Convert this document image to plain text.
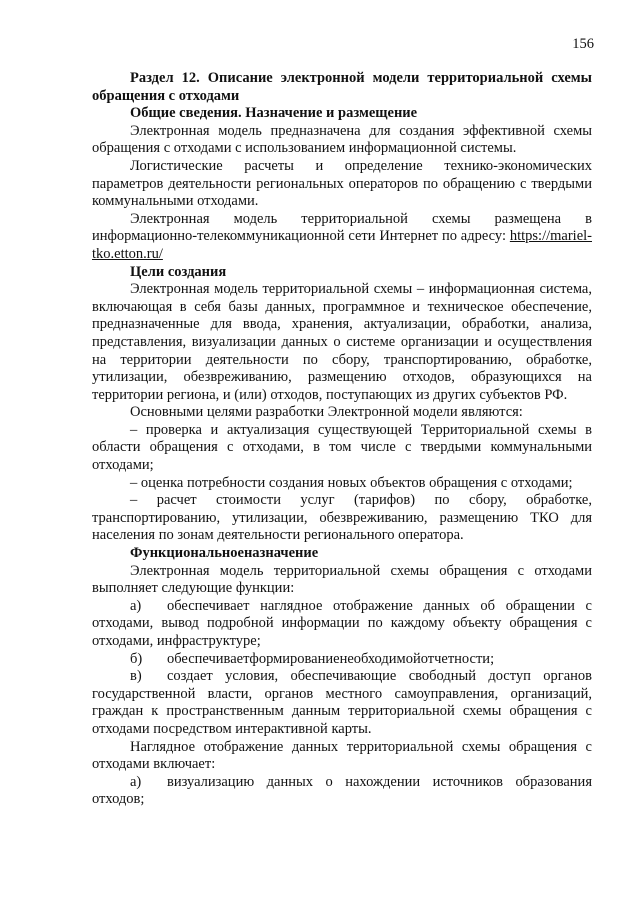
156

Раздел 12. Описание электронной модели территориальной схемы обращения с отходами

Общие сведения. Назначение и размещение

Электронная модель предназначена для создания эффективной схемы обращения с отходами с использованием информационной системы.

Логистические расчеты и определение технико-экономических параметров деятельности региональных операторов по обращению с твердыми коммунальными отходами.

Электронная модель территориальной схемы размещена в информационно-телекоммуникационной сети Интернет по адресу: https://mariel-tko.etton.ru/

Цели создания

Электронная модель территориальной схемы – информационная система, включающая в себя базы данных, программное и техническое обеспечение, предназначенные для ввода, хранения, актуализации, обработки, анализа, представления, визуализации данных о системе организации и осуществления на территории деятельности по сбору, транспортированию, обработке, утилизации, обезвреживанию, размещению отходов, образующихся на территории региона, и (или) отходов, поступающих из других субъектов РФ.

Основными целями разработки Электронной модели являются:

– проверка и актуализация существующей Территориальной схемы в области обращения с отходами, в том числе с твердыми коммунальными отходами;

– оценка потребности создания новых объектов обращения с отходами;

– расчет стоимости услуг (тарифов) по сбору, обработке, транспортированию, утилизации, обезвреживанию, размещению ТКО для населения по зонам деятельности регионального оператора.

Функциональноеназначение

Электронная модель территориальной схемы обращения с отходами выполняет следующие функции:

а) обеспечивает наглядное отображение данных об обращении с отходами, вывод подробной информации по каждому объекту обращения с отходами, инфраструктуре;

б) обеспечиваетформированиенеобходимойотчетности;

в) создает условия, обеспечивающие свободный доступ органов государственной власти, органов местного самоуправления, организаций, граждан к пространственным данным территориальной схемы обращения с отходами посредством интерактивной карты.

Наглядное отображение данных территориальной схемы обращения с отходами включает:

а) визуализацию данных о нахождении источников образования отходов;
